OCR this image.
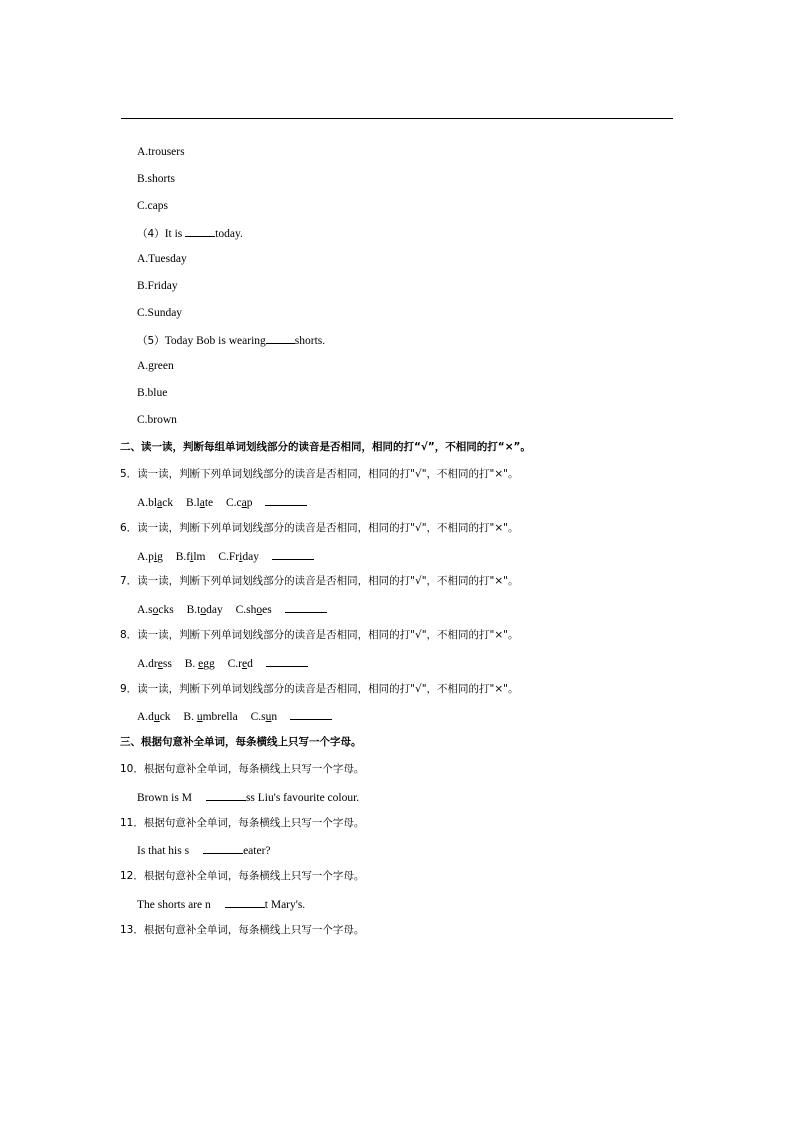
A.trousers
B.shorts
C.caps
（4）It is	today.
A.Tuesday
B.Friday
C.Sunday
（5）Today Bob is wearing	shorts.
A.green
B.blue
C.brown
二、读一读，判断每组单词划线部分的读音是否相同，相同的打“√”，不相同的打“×”。
5．读一读，判断下列单词划线部分的读音是否相同，相同的打"√"，不相同的打"×"。
A.black B.late C.cap
6．读一读，判断下列单词划线部分的读音是否相同，相同的打"√"，不相同的打"×"。
A.pig B.film C.Friday
7．读一读，判断下列单词划线部分的读音是否相同，相同的打"√"，不相同的打"×"。
A.socks B.today C.shoes
8．读一读，判断下列单词划线部分的读音是否相同，相同的打"√"，不相同的打"×"。
A.dress B. egg C.red
9．读一读，判断下列单词划线部分的读音是否相同，相同的打"√"，不相同的打"×"。
A.duck B. umbrella C.sun
三、根据句意补全单词，每条横线上只写一个字母。
10．根据句意补全单词，每条横线上只写一个字母。
Brown is M	ss Liu's favourite colour.
11．根据句意补全单词，每条横线上只写一个字母。
Is that his s	eater?
12．根据句意补全单词，每条横线上只写一个字母。
The shorts are n	t Mary's.
13．根据句意补全单词，每条横线上只写一个字母。
